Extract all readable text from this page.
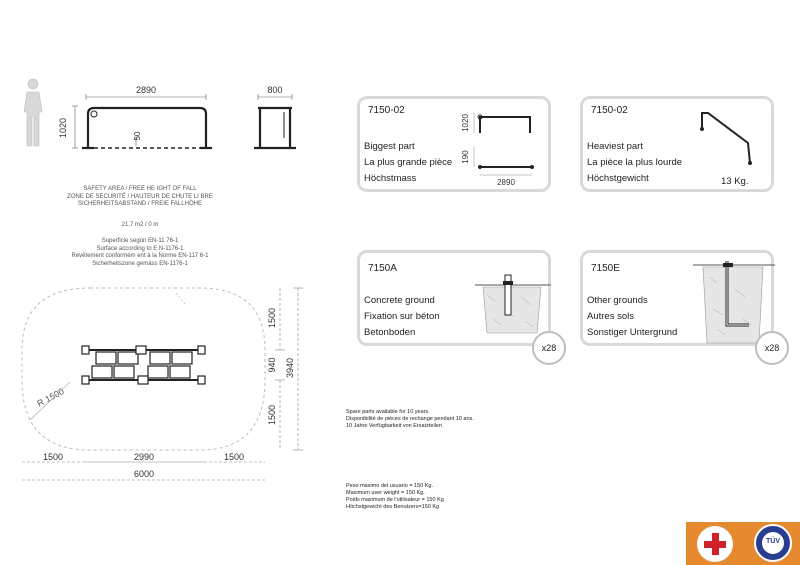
1020
2890
50
800
SAFETY AREA / FREE HE IGHT OF FALL
ZONE DE SECURITÉ / HAUTEUR DE CHUTE LI BRE
SICHERHEITSABSTAND / FREIE FALLHÖHE
21,7 m2 / 0 m
Superficie según EN-11 76-1
Surface according to E N-1176-1
Revêtement conformém ent à la Norme EN-117 6-1
Sicherheitszone gemäss EN-1176-1
R 1500
1500
940
1500
3940
1500	2990	1500
6000
7150-02
Biggest part
La plus grande pièce
Höchstmass
1020
190
2890
7150-02
Heaviest part
La pièce la plus lourde
Höchstgewicht	13 Kg.
7150A
Concrete ground
Fixation sur béton
Betonboden
x28
7150E
Other grounds
Autres sols
Sonstiger Untergrund
x28
Spare parts available for 10 years.
Disponibilité de pièces de rechange pendant 10 ans.
10 Jahre Verfügbarkeit von Ersatzteilen
Peso maximo del usuario = 150 Kg.
Maximum user weight = 150 Kg.
Poids maximum de l'utilisateur = 150 Kg
Höchstgewicht des Benutzers=150 Kg
TÜV
